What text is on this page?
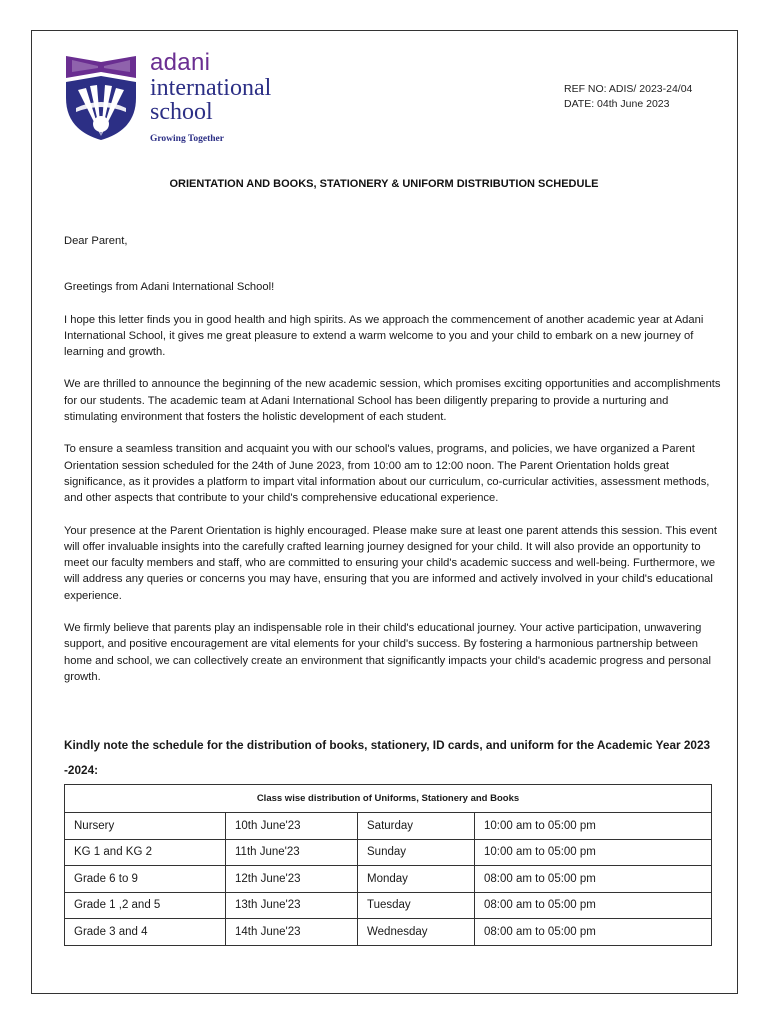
adani
international
school
Growing Together
REF NO: ADIS/ 2023-24/04
DATE: 04th June 2023
ORIENTATION AND BOOKS, STATIONERY & UNIFORM DISTRIBUTION SCHEDULE

Dear Parent,

Greetings from Adani International School!

I hope this letter finds you in good health and high spirits. As we approach the commencement of another academic year at Adani International School, it gives me great pleasure to extend a warm welcome to you and your child to embark on a new journey of learning and growth.

We are thrilled to announce the beginning of the new academic session, which promises exciting opportunities and accomplishments for our students. The academic team at Adani International School has been diligently preparing to provide a nurturing and stimulating environment that fosters the holistic development of each student.

To ensure a seamless transition and acquaint you with our school's values, programs, and policies, we have organized a Parent Orientation session scheduled for the 24th of June 2023, from 10:00 am to 12:00 noon. The Parent Orientation holds great significance, as it provides a platform to impart vital information about our curriculum, co-curricular activities, assessment methods, and other aspects that contribute to your child's comprehensive educational experience.

Your presence at the Parent Orientation is highly encouraged. Please make sure at least one parent attends this session. This event will offer invaluable insights into the carefully crafted learning journey designed for your child. It will also provide an opportunity to meet our faculty members and staff, who are committed to ensuring your child's academic success and well-being. Furthermore, we will address any queries or concerns you may have, ensuring that you are informed and actively involved in your child's educational experience.

We firmly believe that parents play an indispensable role in their child's educational journey. Your active participation, unwavering support, and positive encouragement are vital elements for your child's success. By fostering a harmonious partnership between home and school, we can collectively create an environment that significantly impacts your child's academic progress and personal growth.

Kindly note the schedule for the distribution of books, stationery, ID cards, and uniform for the Academic Year 2023 -2024:
Class wise distribution of Uniforms, Stationery and Books			
Nursery	10th June'23	Saturday	10:00 am to 05:00 pm
KG 1 and KG 2	11th June'23	Sunday	10:00 am to 05:00 pm
Grade 6 to 9	12th June'23	Monday	08:00 am to 05:00 pm
Grade 1 ,2 and 5	13th June'23	Tuesday	08:00 am to 05:00 pm
Grade 3 and 4	14th June'23	Wednesday	08:00 am to 05:00 pm
